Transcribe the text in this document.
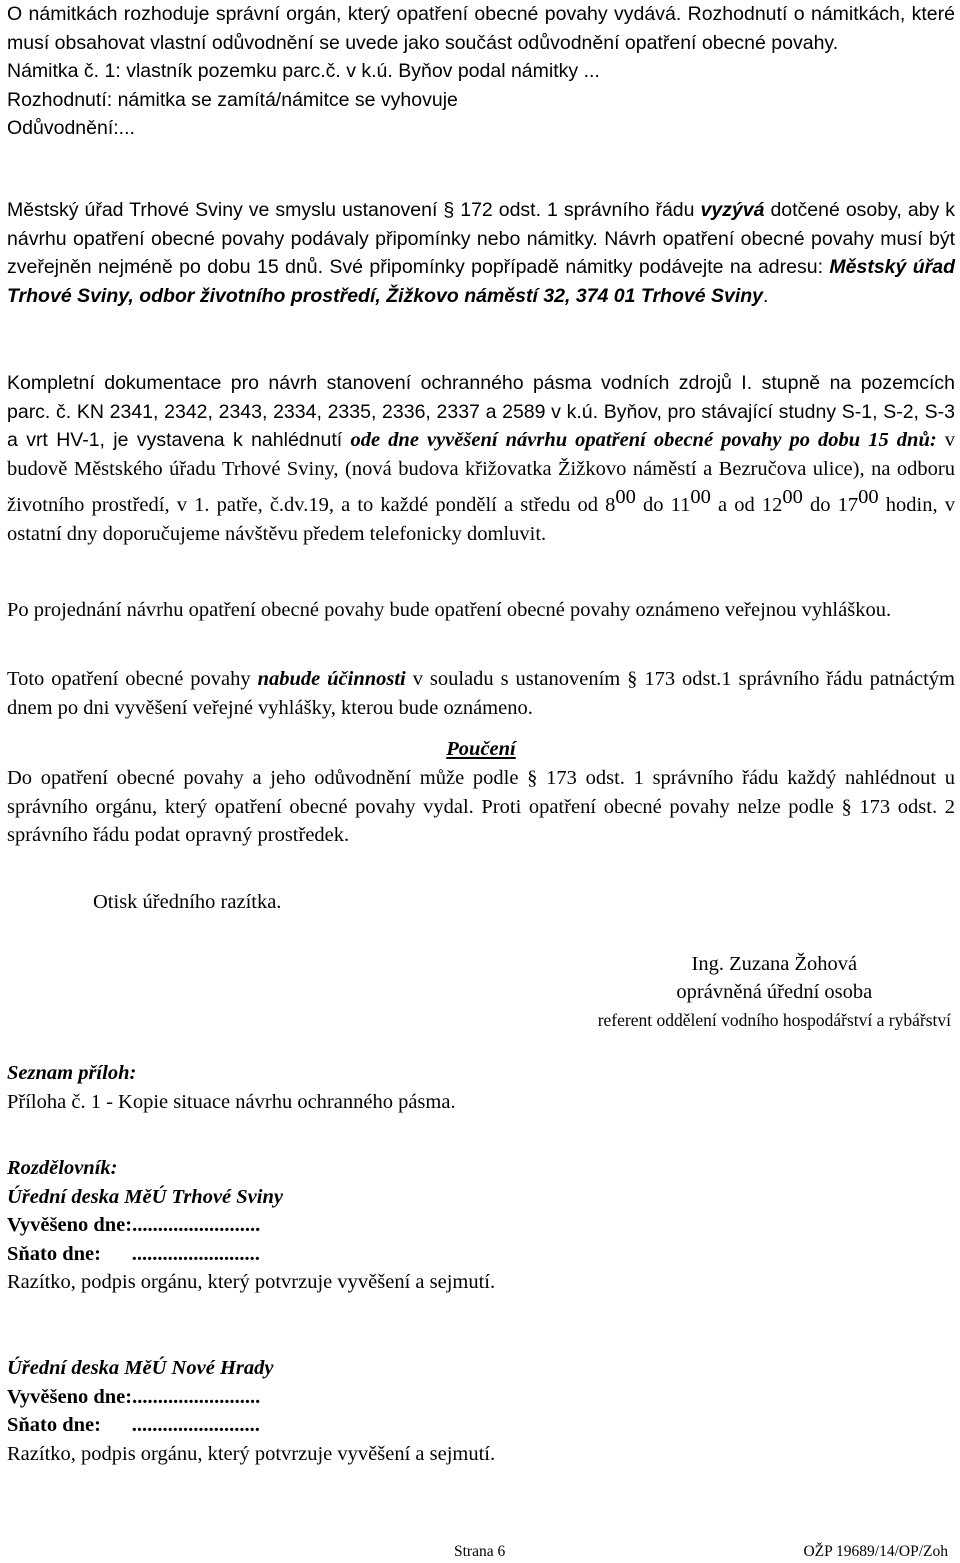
O námitkách rozhoduje správní orgán, který opatření obecné povahy vydává. Rozhodnutí o námitkách, které musí obsahovat vlastní odůvodnění se uvede jako součást odůvodnění opatření obecné povahy.

Námitka č. 1: vlastník pozemku parc.č. v k.ú. Byňov podal námitky ...
Rozhodnutí: námitka se zamítá/námitce se vyhovuje
Odůvodnění:...

Městský úřad Trhové Sviny ve smyslu ustanovení § 172 odst. 1 správního řádu vyzývá dotčené osoby, aby k návrhu opatření obecné povahy podávaly připomínky nebo námitky. Návrh opatření obecné povahy musí být zveřejněn nejméně po dobu 15 dnů. Své připomínky popřípadě námitky podávejte na adresu: Městský úřad Trhové Sviny, odbor životního prostředí, Žižkovo náměstí 32, 374 01 Trhové Sviny.

Kompletní dokumentace pro návrh stanovení ochranného pásma vodních zdrojů I. stupně na pozemcích parc. č. KN 2341, 2342, 2343, 2334, 2335, 2336, 2337 a 2589 v k.ú. Byňov, pro stávající studny S-1, S-2, S-3 a vrt HV-1, je vystavena k nahlédnutí ode dne vyvěšení návrhu opatření obecné povahy po dobu 15 dnů: v budově Městského úřadu Trhové Sviny, (nová budova křižovatka Žižkovo náměstí a Bezručova ulice), na odboru životního prostředí, v 1. patře, č.dv.19, a to každé pondělí a středu od $8^{00}$ do $11^{00}$ a od $12^{00}$ do $17^{00}$ hodin, v ostatní dny doporučujeme návštěvu předem telefonicky domluvit.

Po projednání návrhu opatření obecné povahy bude opatření obecné povahy oznámeno veřejnou vyhláškou.

Toto opatření obecné povahy nabude účinnosti v souladu s ustanovením § 173 odst.1 správního řádu patnáctým dnem po dni vyvěšení veřejné vyhlášky, kterou bude oznámeno.

Poučení

Do opatření obecné povahy a jeho odůvodnění může podle § 173 odst. 1 správního řádu každý nahlédnout u správního orgánu, který opatření obecné povahy vydal. Proti opatření obecné povahy nelze podle § 173 odst. 2 správního řádu podat opravný prostředek.

Otisk úředního razítka.
Ing. Zuzana Žohová
oprávněná úřední osoba
referent oddělení vodního hospodářství a rybářství
Seznam příloh:
Příloha č. 1 - Kopie situace návrhu ochranného pásma.
Rozdělovník:
Úřední deska MěÚ Trhové Sviny
Vyvěšeno dne:.........................
Sňato dne:      .........................
Razítko, podpis orgánu, který potvrzuje vyvěšení a sejmutí.
Úřední deska MěÚ Nové Hrady
Vyvěšeno dne:.........................
Sňato dne:      .........................
Razítko, podpis orgánu, který potvrzuje vyvěšení a sejmutí.
Strana 6	OŽP 19689/14/OP/Zoh
